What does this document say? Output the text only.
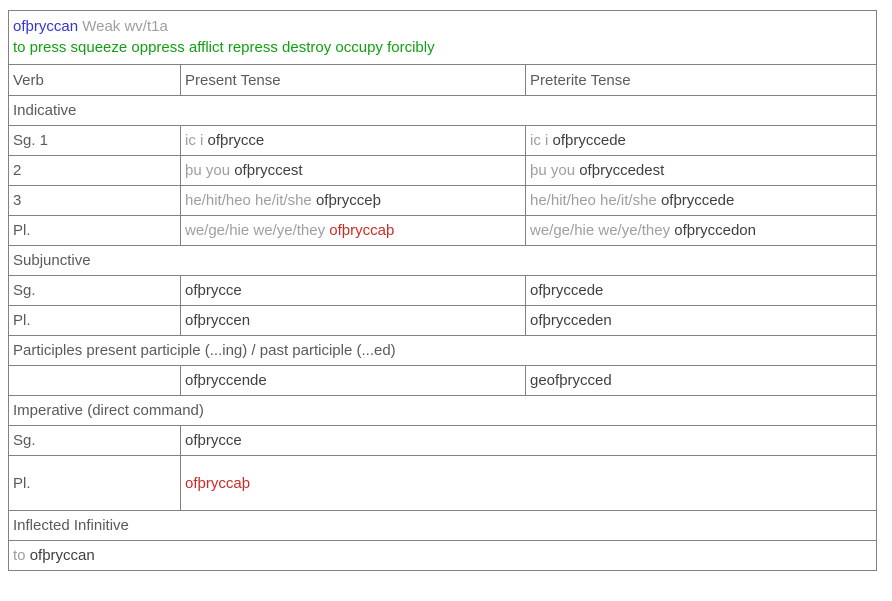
ofþryccan Weak wv/t1a
to press squeeze oppress afflict repress destroy occupy forcibly		

Verb	Present Tense	Preterite Tense
Indicative		
Sg. 1	ic i ofþrycce	ic i ofþryccede
2	þu you ofþryccest	þu you ofþryccedest
3	he/hit/heo he/it/she ofþrycceþ	he/hit/heo he/it/she ofþryccede
Pl.	we/ge/hie we/ye/they ofþryccaþ	we/ge/hie we/ye/they ofþryccedon
Subjunctive		
Sg.	ofþrycce	ofþryccede
Pl.	ofþryccen	ofþrycceden
Participles present participle (...ing) / past participle (...ed)		
	ofþryccende	geofþrycced
Imperative (direct command)		
Sg.	ofþrycce	
Pl.	ofþryccaþ	
Inflected Infinitive		
to ofþryccan		
